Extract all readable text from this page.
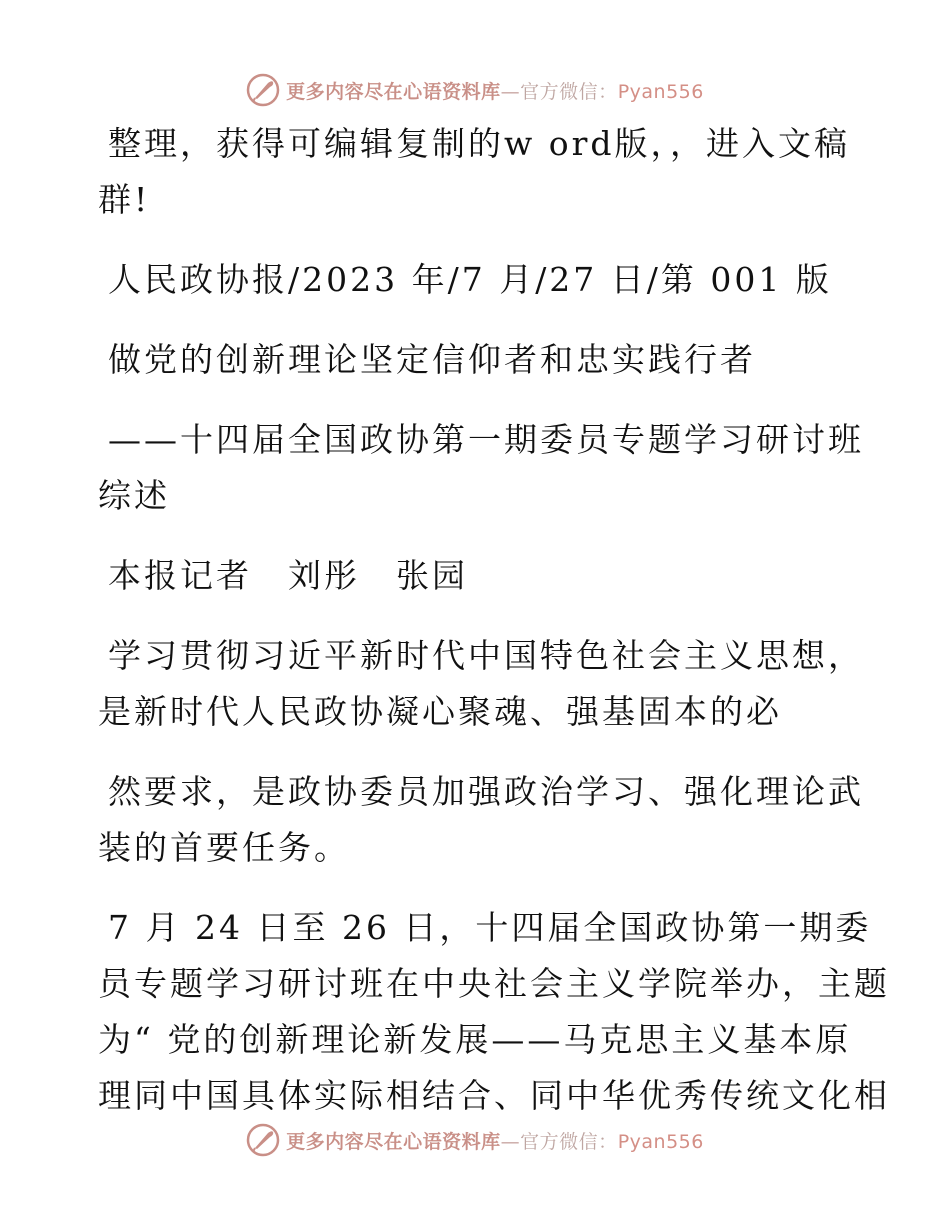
更多内容尽在心语资料库—官方微信：Pyan556
整理，获得可编辑复制的w ord版，，进入文稿
群!
人民政协报/2023 年/7 月/27 日/第 001 版
做党的创新理论坚定信仰者和忠实践行者
——十四届全国政协第一期委员专题学习研讨班
综述
本报记者　刘彤　张园
学习贯彻习近平新时代中国特色社会主义思想，
是新时代人民政协凝心聚魂、强基固本的必
然要求，是政协委员加强政治学习、强化理论武
装的首要任务。
7 月 24 日至 26 日，十四届全国政协第一期委
员专题学习研讨班在中央社会主义学院举办，主题
为“ 党的创新理论新发展——马克思主义基本原
理同中国具体实际相结合、同中华优秀传统文化相
更多内容尽在心语资料库—官方微信：Pyan556
